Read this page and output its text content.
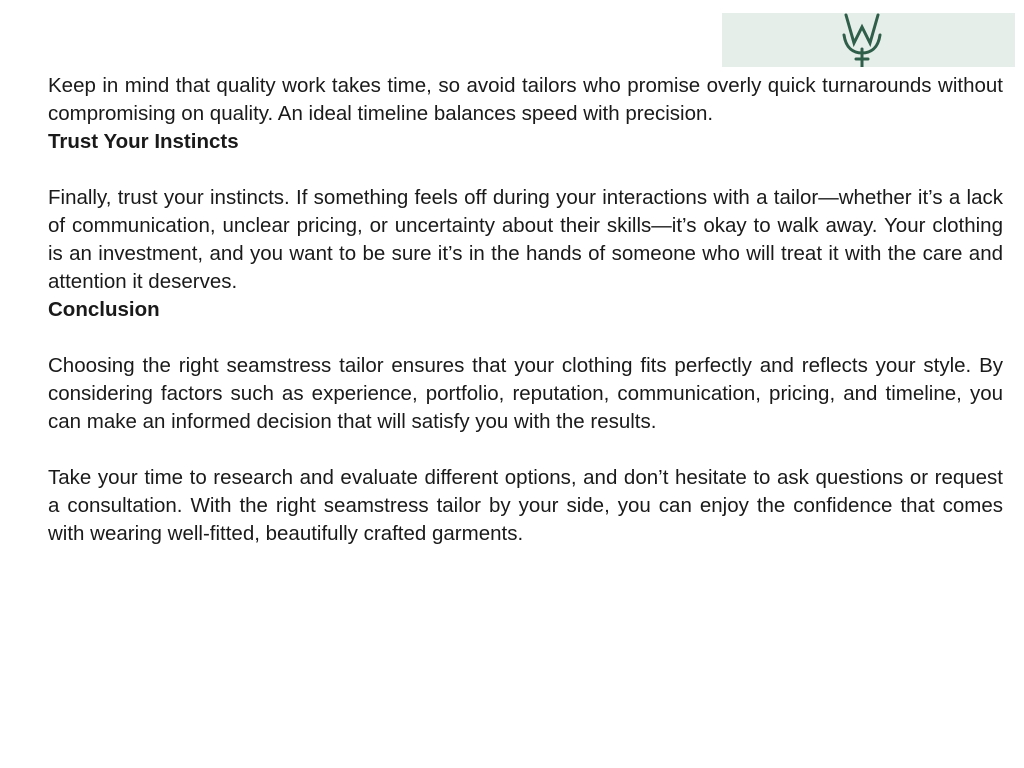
Keep in mind that quality work takes time, so avoid tailors who promise overly quick turnarounds without compromising on quality. An ideal timeline balances speed with precision.

Trust Your Instincts

Finally, trust your instincts. If something feels off during your interactions with a tailor—whether it’s a lack of communication, unclear pricing, or uncertainty about their skills—it’s okay to walk away. Your clothing is an investment, and you want to be sure it’s in the hands of someone who will treat it with the care and attention it deserves.

Conclusion

Choosing the right seamstress tailor ensures that your clothing fits perfectly and reflects your style. By considering factors such as experience, portfolio, reputation, communication, pricing, and timeline, you can make an informed decision that will satisfy you with the results.

Take your time to research and evaluate different options, and don’t hesitate to ask questions or request a consultation. With the right seamstress tailor by your side, you can enjoy the confidence that comes with wearing well-fitted, beautifully crafted garments.
